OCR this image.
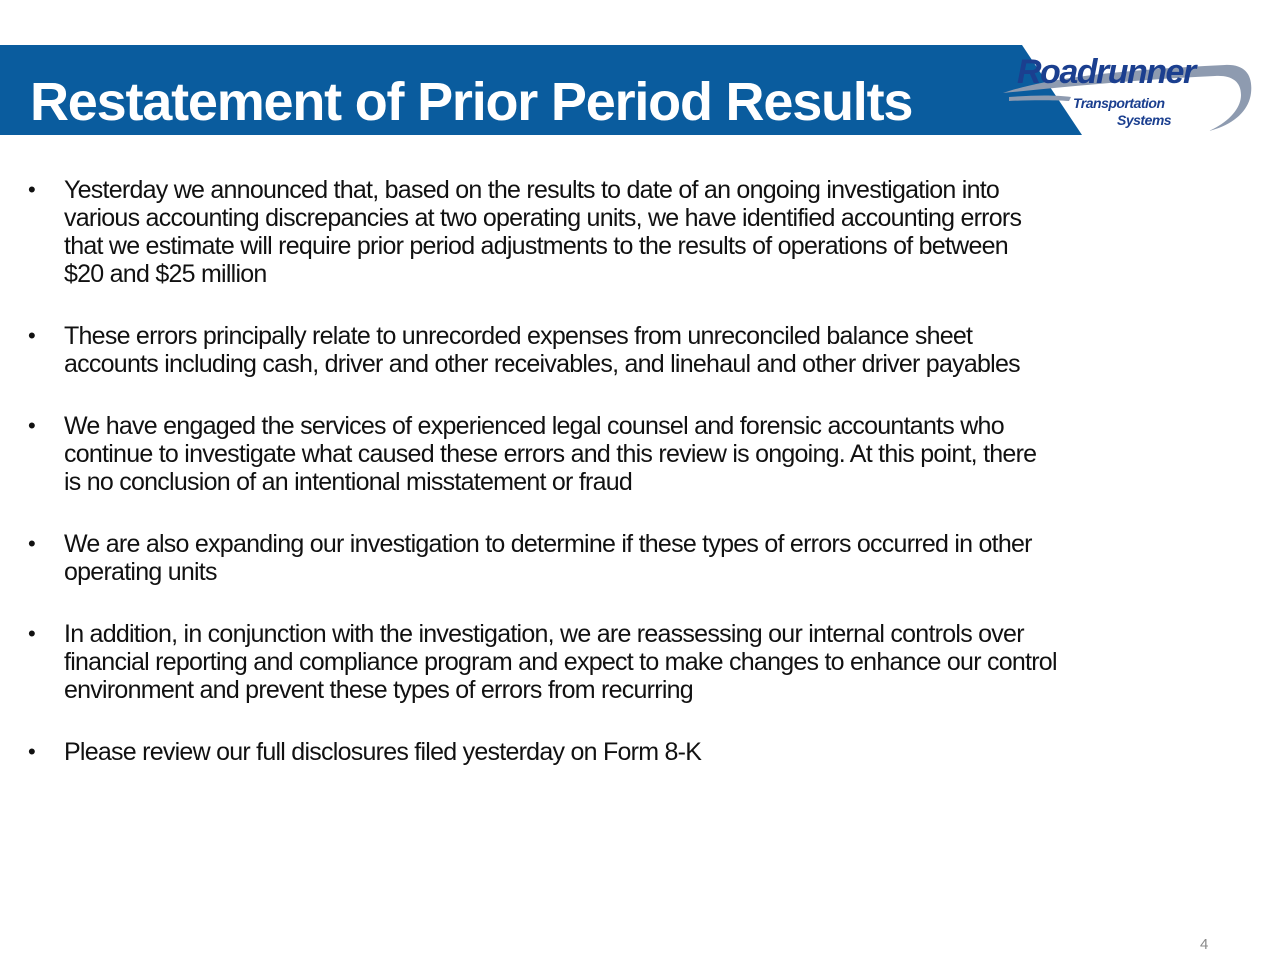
Restatement of Prior Period Results	Roadrunner
Transportation
Systems
• Yesterday we announced that, based on the results to date of an ongoing investigation into
various accounting discrepancies at two operating units, we have identified accounting errors
that we estimate will require prior period adjustments to the results of operations of between
$20 and $25 million
• These errors principally relate to unrecorded expenses from unreconciled balance sheet
accounts including cash, driver and other receivables, and linehaul and other driver payables
• We have engaged the services of experienced legal counsel and forensic accountants who
continue to investigate what caused these errors and this review is ongoing. At this point, there
is no conclusion of an intentional misstatement or fraud
• We are also expanding our investigation to determine if these types of errors occurred in other
operating units
• In addition, in conjunction with the investigation, we are reassessing our internal controls over
financial reporting and compliance program and expect to make changes to enhance our control
environment and prevent these types of errors from recurring
• Please review our full disclosures filed yesterday on Form 8-K
4
